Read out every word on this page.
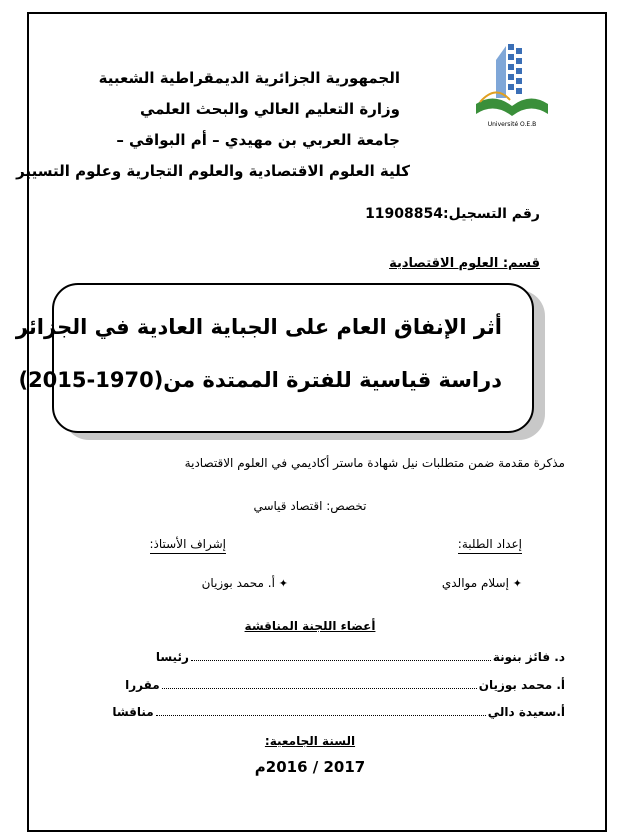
Université O.E.B
الجمهورية الجزائرية الديمقراطية الشعبية
وزارة التعليم العالي والبحث العلمي
جامعة العربي بن مهيدي – أم البواقي –
كلية العلوم الاقتصادية والعلوم التجارية وعلوم التسيير
رقم التسجيل:11908854
قسم: العلوم الاقتصادية
أثر الإنفاق العام على الجباية العادية في الجزائر
دراسة قياسية للفترة الممتدة من(1970-2015)
مذكرة مقدمة ضمن متطلبات نيل شهادة ماستر أكاديمي في العلوم الاقتصادية
تخصص: اقتصاد قياسي
إعداد الطلبة:
إشراف الأستاذ:
✦ إسلام موالدي
✦ أ. محمد بوزيان
أعضاء اللجنة المناقشة
د. فائز بنونةرئيسا
أ. محمد بوزيانمقررا
أ.سعيدة داليمناقشا
السنة الجامعية:
2017 / 2016م
